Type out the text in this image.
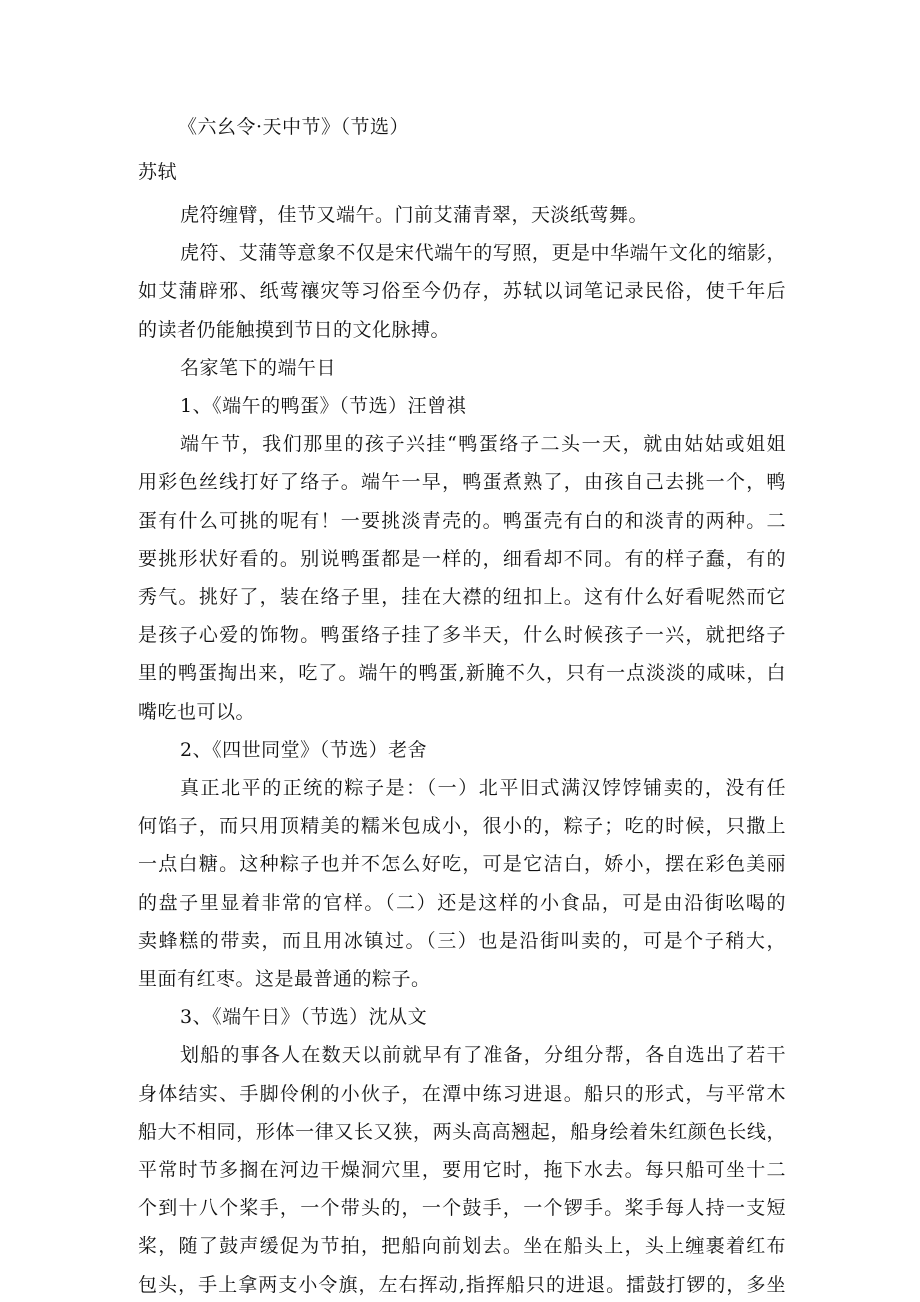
《六幺令·天中节》（节选）
苏轼
虎符缠臂，佳节又端午。门前艾蒲青翠，天淡纸莺舞。
虎符、艾蒲等意象不仅是宋代端午的写照，更是中华端午文化的缩影，
如艾蒲辟邪、纸莺禳灾等习俗至今仍存，苏轼以词笔记录民俗，使千年后
的读者仍能触摸到节日的文化脉搏。
名家笔下的端午日
1、《端午的鸭蛋》（节选）汪曾祺
端午节，我们那里的孩子兴挂“鸭蛋络子二头一天，就由姑姑或姐姐
用彩色丝线打好了络子。端午一早，鸭蛋煮熟了，由孩自己去挑一个，鸭
蛋有什么可挑的呢有！一要挑淡青壳的。鸭蛋壳有白的和淡青的两种。二
要挑形状好看的。别说鸭蛋都是一样的，细看却不同。有的样子蠢，有的
秀气。挑好了，装在络子里，挂在大襟的纽扣上。这有什么好看呢然而它
是孩子心爱的饰物。鸭蛋络子挂了多半天，什么时候孩子一兴，就把络子
里的鸭蛋掏出来，吃了。端午的鸭蛋,新腌不久，只有一点淡淡的咸味，白
嘴吃也可以。
2、《四世同堂》（节选）老舍
真正北平的正统的粽子是：（一）北平旧式满汉饽饽铺卖的，没有任
何馅子，而只用顶精美的糯米包成小，很小的，粽子；吃的时候，只撒上
一点白糖。这种粽子也并不怎么好吃，可是它洁白，娇小，摆在彩色美丽
的盘子里显着非常的官样。（二）还是这样的小食品，可是由沿街吆喝的
卖蜂糕的带卖，而且用冰镇过。（三）也是沿街叫卖的，可是个子稍大，
里面有红枣。这是最普通的粽子。
3、《端午日》（节选）沈从文
划船的事各人在数天以前就早有了准备，分组分帮，各自选出了若干
身体结实、手脚伶俐的小伙子，在潭中练习进退。船只的形式，与平常木
船大不相同，形体一律又长又狭，两头高高翘起，船身绘着朱红颜色长线，
平常时节多搁在河边干燥洞穴里，要用它时，拖下水去。每只船可坐十二
个到十八个桨手，一个带头的，一个鼓手，一个锣手。桨手每人持一支短
桨，随了鼓声缓促为节拍，把船向前划去。坐在船头上，头上缠裹着红布
包头，手上拿两支小令旗，左右挥动,指挥船只的进退。擂鼓打锣的，多坐
